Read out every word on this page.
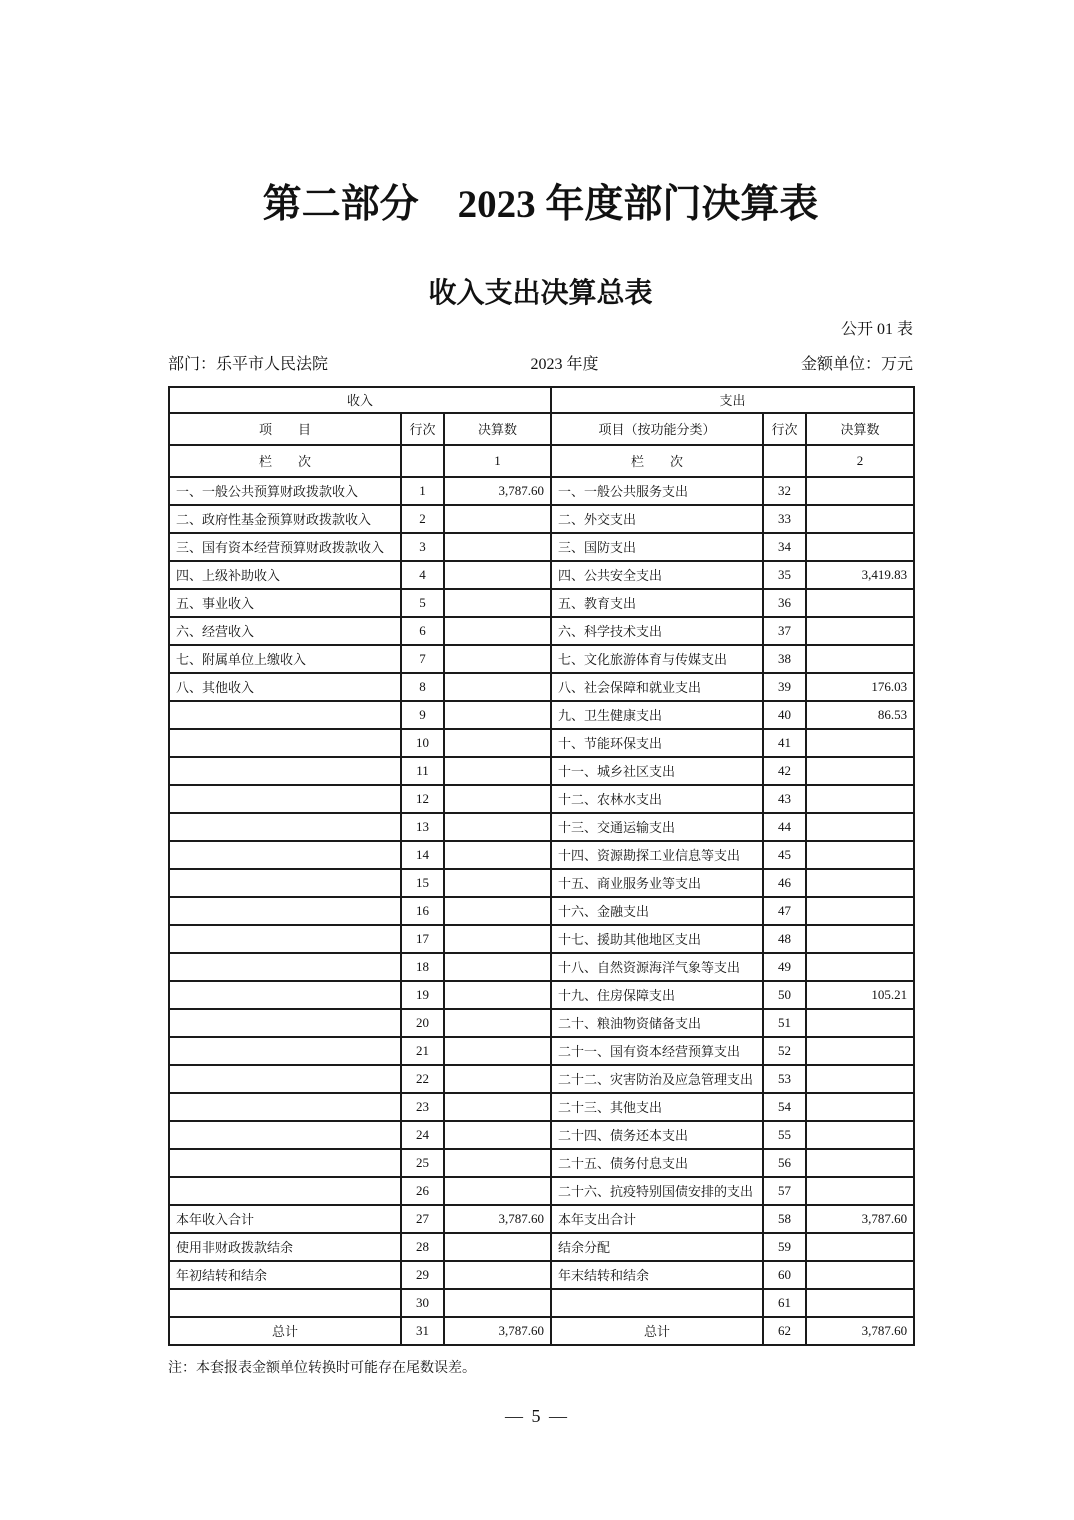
第二部分　2023 年度部门决算表
收入支出决算总表
公开 01 表
部门：乐平市人民法院	2023 年度	金额单位：万元
收入			支出		
项　　目	行次	决算数	项目（按功能分类）	行次	决算数
栏　　次		1	栏　　次		2
一、一般公共预算财政拨款收入	1	3,787.60	一、一般公共服务支出	32	
二、政府性基金预算财政拨款收入	2		二、外交支出	33	
三、国有资本经营预算财政拨款收入	3		三、国防支出	34	
四、上级补助收入	4		四、公共安全支出	35	3,419.83
五、事业收入	5		五、教育支出	36	
六、经营收入	6		六、科学技术支出	37	
七、附属单位上缴收入	7		七、文化旅游体育与传媒支出	38	
八、其他收入	8		八、社会保障和就业支出	39	176.03
	9		九、卫生健康支出	40	86.53
	10		十、节能环保支出	41	
	11		十一、城乡社区支出	42	
	12		十二、农林水支出	43	
	13		十三、交通运输支出	44	
	14		十四、资源勘探工业信息等支出	45	
	15		十五、商业服务业等支出	46	
	16		十六、金融支出	47	
	17		十七、援助其他地区支出	48	
	18		十八、自然资源海洋气象等支出	49	
	19		十九、住房保障支出	50	105.21
	20		二十、粮油物资储备支出	51	
	21		二十一、国有资本经营预算支出	52	
	22		二十二、灾害防治及应急管理支出	53	
	23		二十三、其他支出	54	
	24		二十四、债务还本支出	55	
	25		二十五、债务付息支出	56	
	26		二十六、抗疫特别国债安排的支出	57	
本年收入合计	27	3,787.60	本年支出合计	58	3,787.60
使用非财政拨款结余	28		结余分配	59	
年初结转和结余	29		年末结转和结余	60	
	30			61	
总计	31	3,787.60	总计	62	3,787.60
注：本套报表金额单位转换时可能存在尾数误差。
— 5 —
